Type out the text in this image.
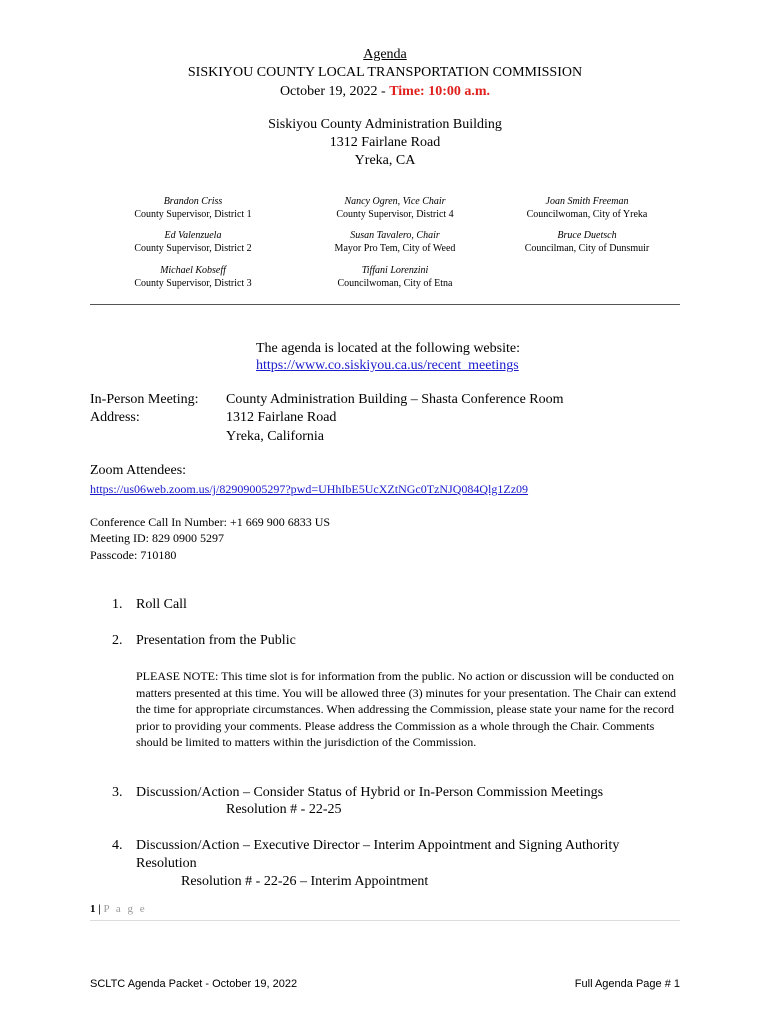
Agenda
SISKIYOU COUNTY LOCAL TRANSPORTATION COMMISSION
October 19, 2022 - Time: 10:00 a.m.
Siskiyou County Administration Building
1312 Fairlane Road
Yreka, CA
Brandon Criss
County Supervisor, District 1
Nancy Ogren, Vice Chair
County Supervisor, District 4
Joan Smith Freeman
Councilwoman, City of Yreka
Ed Valenzuela
County Supervisor, District 2
Susan Tavalero, Chair
Mayor Pro Tem, City of Weed
Bruce Duetsch
Councilman, City of Dunsmuir
Michael Kobseff
County Supervisor, District 3
Tiffani Lorenzini
Councilwoman, City of Etna
The agenda is located at the following website:
https://www.co.siskiyou.ca.us/recent_meetings
In-Person Meeting:
Address:
County Administration Building – Shasta Conference Room
1312 Fairlane Road
Yreka, California
Zoom Attendees:
https://us06web.zoom.us/j/82909005297?pwd=UHhIbE5UcXZtNGc0TzNJQ084Qlg1Zz09
Conference Call In Number: +1 669 900 6833 US
Meeting ID: 829 0900 5297
Passcode: 710180
1. Roll Call
2. Presentation from the Public
PLEASE NOTE: This time slot is for information from the public. No action or discussion will be conducted on matters presented at this time. You will be allowed three (3) minutes for your presentation. The Chair can extend the time for appropriate circumstances. When addressing the Commission, please state your name for the record prior to providing your comments. Please address the Commission as a whole through the Chair. Comments should be limited to matters within the jurisdiction of the Commission.
3. Discussion/Action – Consider Status of Hybrid or In-Person Commission Meetings
Resolution # - 22-25
4. Discussion/Action – Executive Director – Interim Appointment and Signing Authority
Resolution
Resolution # - 22-26 – Interim Appointment
1 | P a g e
SCLTC Agenda Packet - October 19, 2022	Full Agenda Page # 1
